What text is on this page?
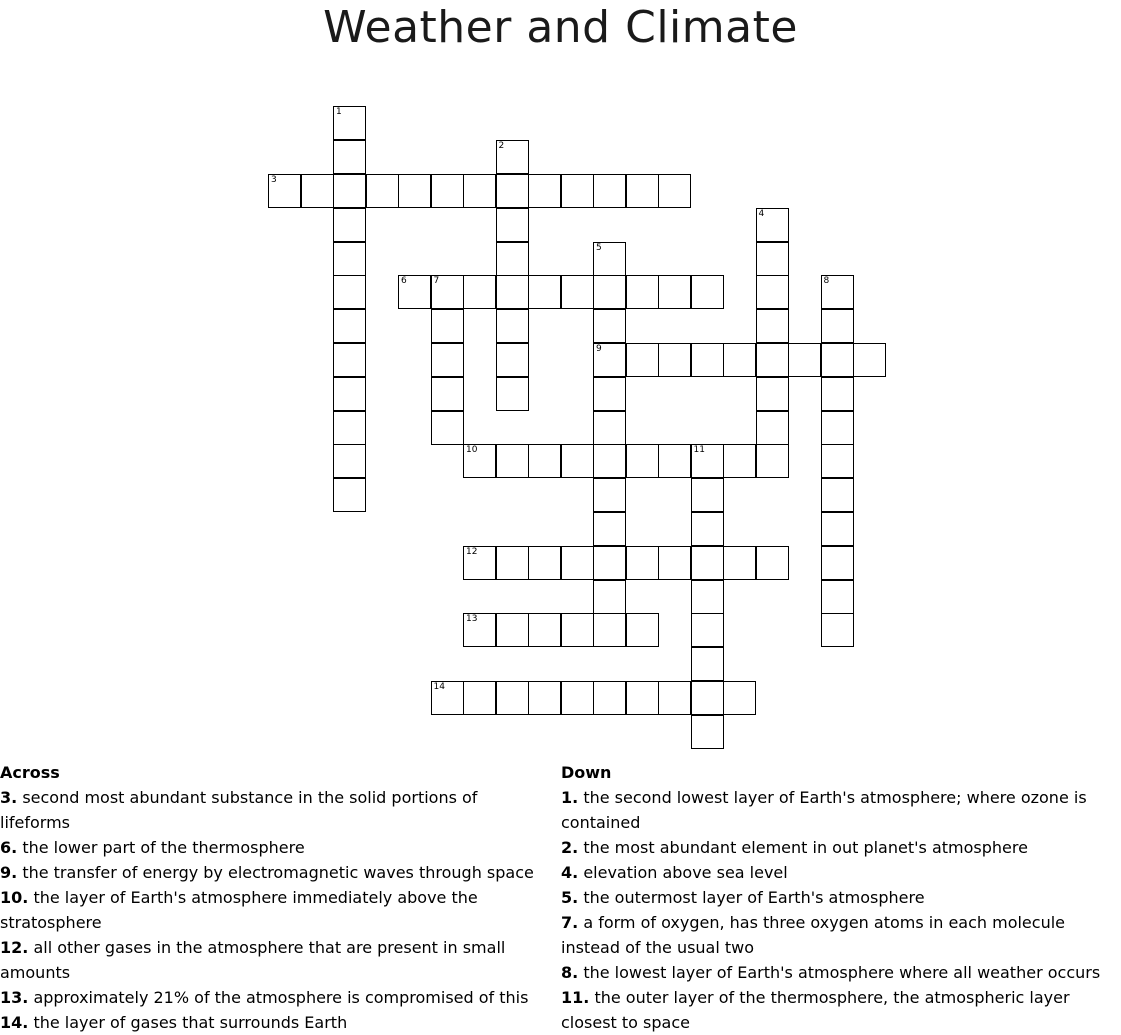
Weather and Climate
1
2
3
4
5
9
6	7	8
10	11
12
13
14
Across
3. second most abundant substance in the solid portions of lifeforms
6. the lower part of the thermosphere
9. the transfer of energy by electromagnetic waves through space
10. the layer of Earth's atmosphere immediately above the stratosphere
12. all other gases in the atmosphere that are present in small amounts
13. approximately 21% of the atmosphere is compromised of this
14. the layer of gases that surrounds Earth
Down
1. the second lowest layer of Earth's atmosphere; where ozone is contained
2. the most abundant element in out planet's atmosphere
4. elevation above sea level
5. the outermost layer of Earth's atmosphere
7. a form of oxygen, has three oxygen atoms in each molecule instead of the usual two
8. the lowest layer of Earth's atmosphere where all weather occurs
11. the outer layer of the thermosphere, the atmospheric layer closest to space
